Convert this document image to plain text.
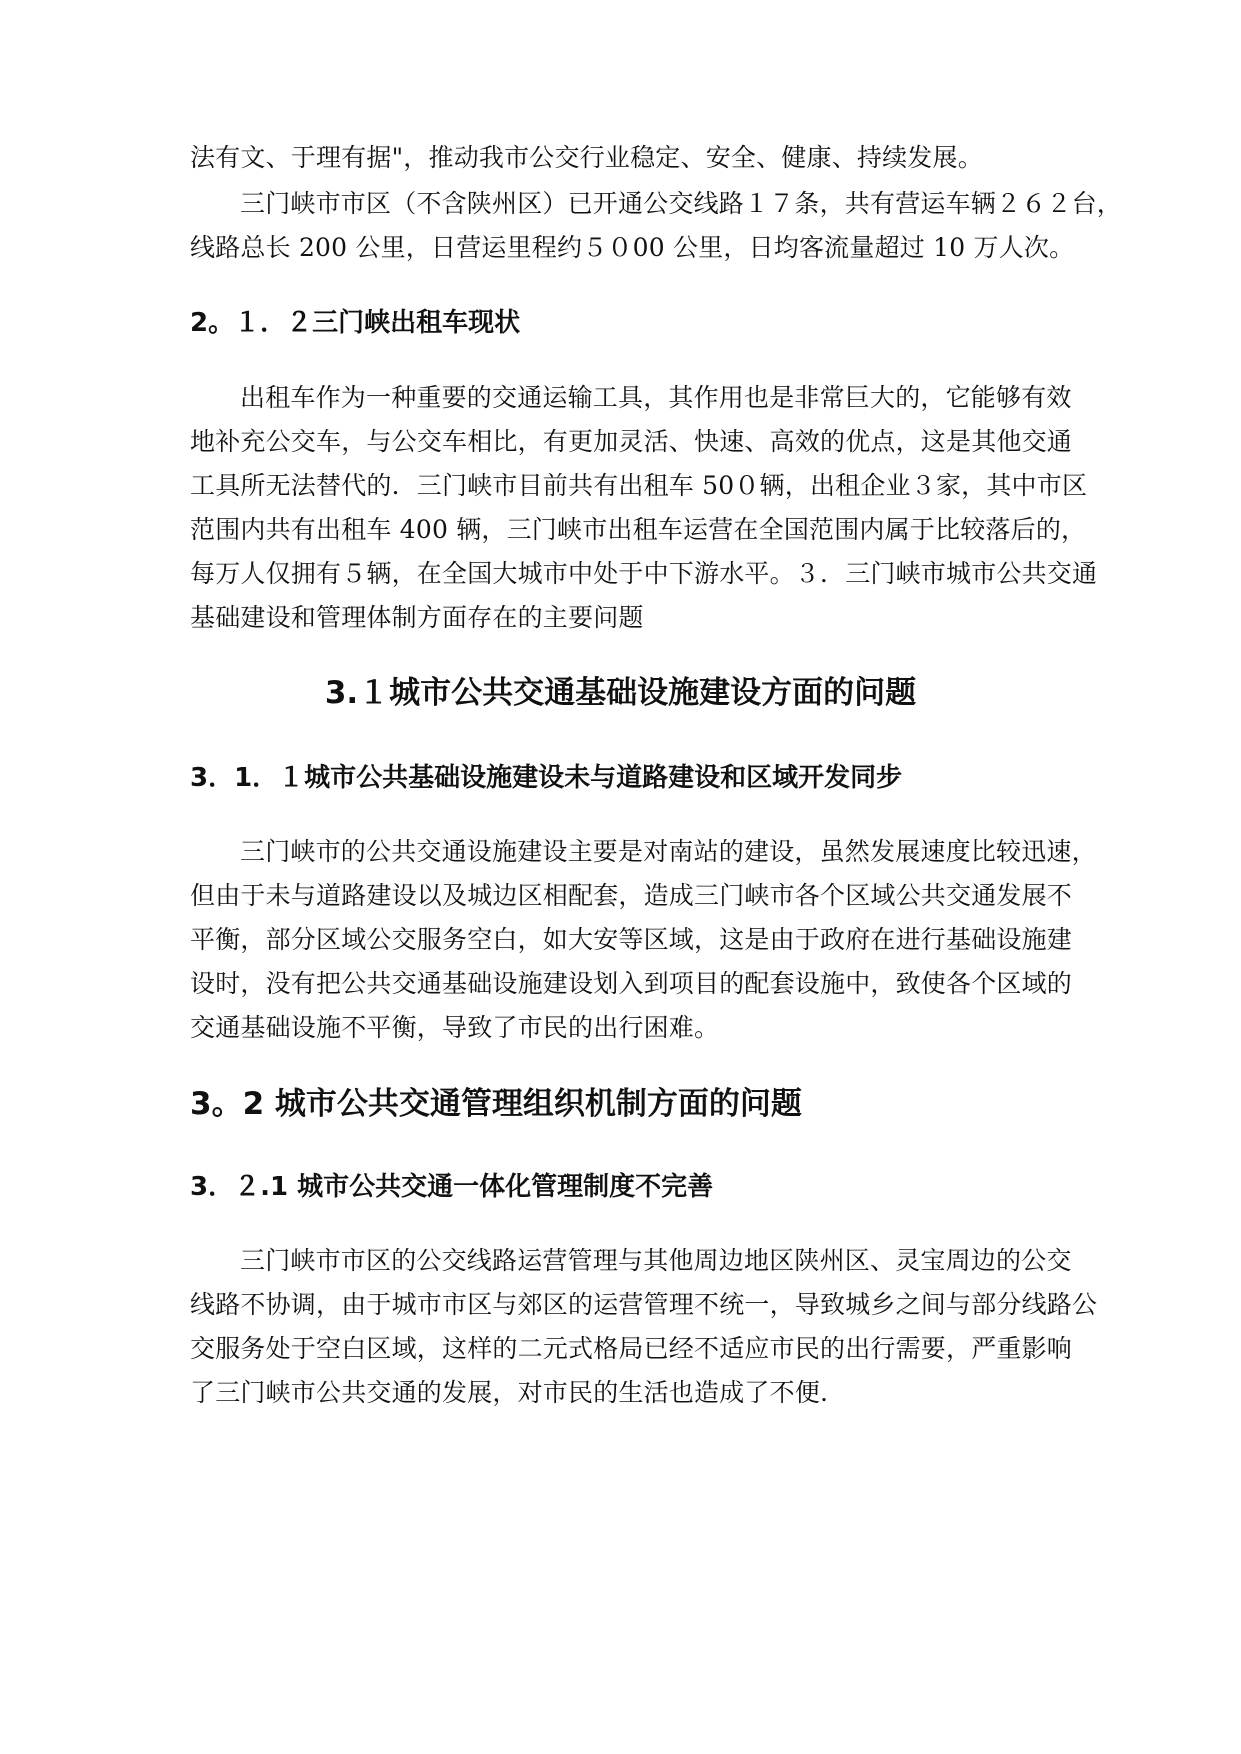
法有文、于理有据"，推动我市公交行业稳定、安全、健康、持续发展。
三门峡市市区（不含陕州区）已开通公交线路１７条，共有营运车辆２６２台，
线路总长 200 公里，日营运里程约５０00 公里，日均客流量超过 10 万人次。
2。１．２三门峡出租车现状
出租车作为一种重要的交通运输工具，其作用也是非常巨大的，它能够有效
地补充公交车，与公交车相比，有更加灵活、快速、高效的优点，这是其他交通
工具所无法替代的．三门峡市目前共有出租车 50０辆，出租企业３家，其中市区
范围内共有出租车 400 辆，三门峡市出租车运营在全国范围内属于比较落后的，
每万人仅拥有５辆，在全国大城市中处于中下游水平。３．三门峡市城市公共交通
基础建设和管理体制方面存在的主要问题
3.１城市公共交通基础设施建设方面的问题
3．1．１城市公共基础设施建设未与道路建设和区域开发同步
三门峡市的公共交通设施建设主要是对南站的建设，虽然发展速度比较迅速，
但由于未与道路建设以及城边区相配套，造成三门峡市各个区域公共交通发展不
平衡，部分区域公交服务空白，如大安等区域，这是由于政府在进行基础设施建
设时，没有把公共交通基础设施建设划入到项目的配套设施中，致使各个区域的
交通基础设施不平衡，导致了市民的出行困难。
3。2 城市公共交通管理组织机制方面的问题
3．２.1 城市公共交通一体化管理制度不完善
三门峡市市区的公交线路运营管理与其他周边地区陕州区、灵宝周边的公交
线路不协调，由于城市市区与郊区的运营管理不统一，导致城乡之间与部分线路公
交服务处于空白区域，这样的二元式格局已经不适应市民的出行需要，严重影响
了三门峡市公共交通的发展，对市民的生活也造成了不便.
